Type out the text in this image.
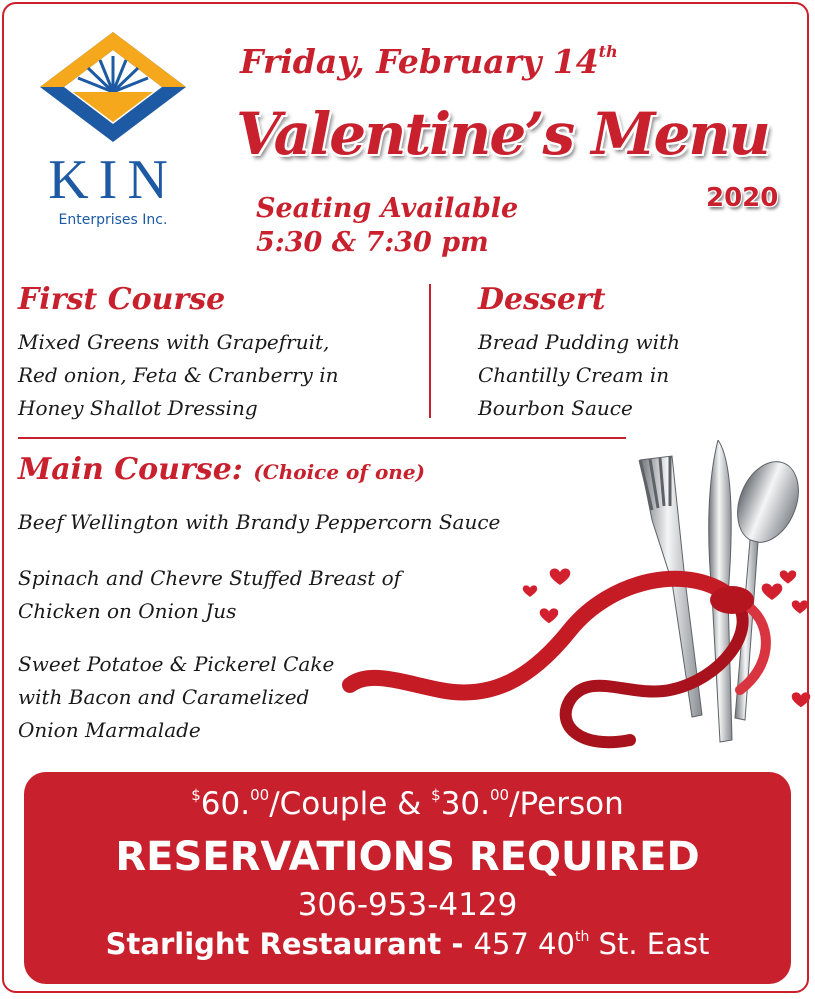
KIN
Enterprises Inc.
Friday, February 14th
Valentine’s Menu
2020
Seating Available
5:30 & 7:30 pm
First Course
Mixed Greens with Grapefruit,
Red onion, Feta & Cranberry in
Honey Shallot Dressing
Dessert
Bread Pudding with
Chantilly Cream in
Bourbon Sauce
Main Course: (Choice of one)
Beef Wellington with Brandy Peppercorn Sauce
Spinach and Chevre Stuffed Breast of
Chicken on Onion Jus
Sweet Potatoe & Pickerel Cake
with Bacon and Caramelized
Onion Marmalade
$60.00/Couple & $30.00/Person
RESERVATIONS REQUIRED
306-953-4129
Starlight Restaurant - 457 40th St. East
